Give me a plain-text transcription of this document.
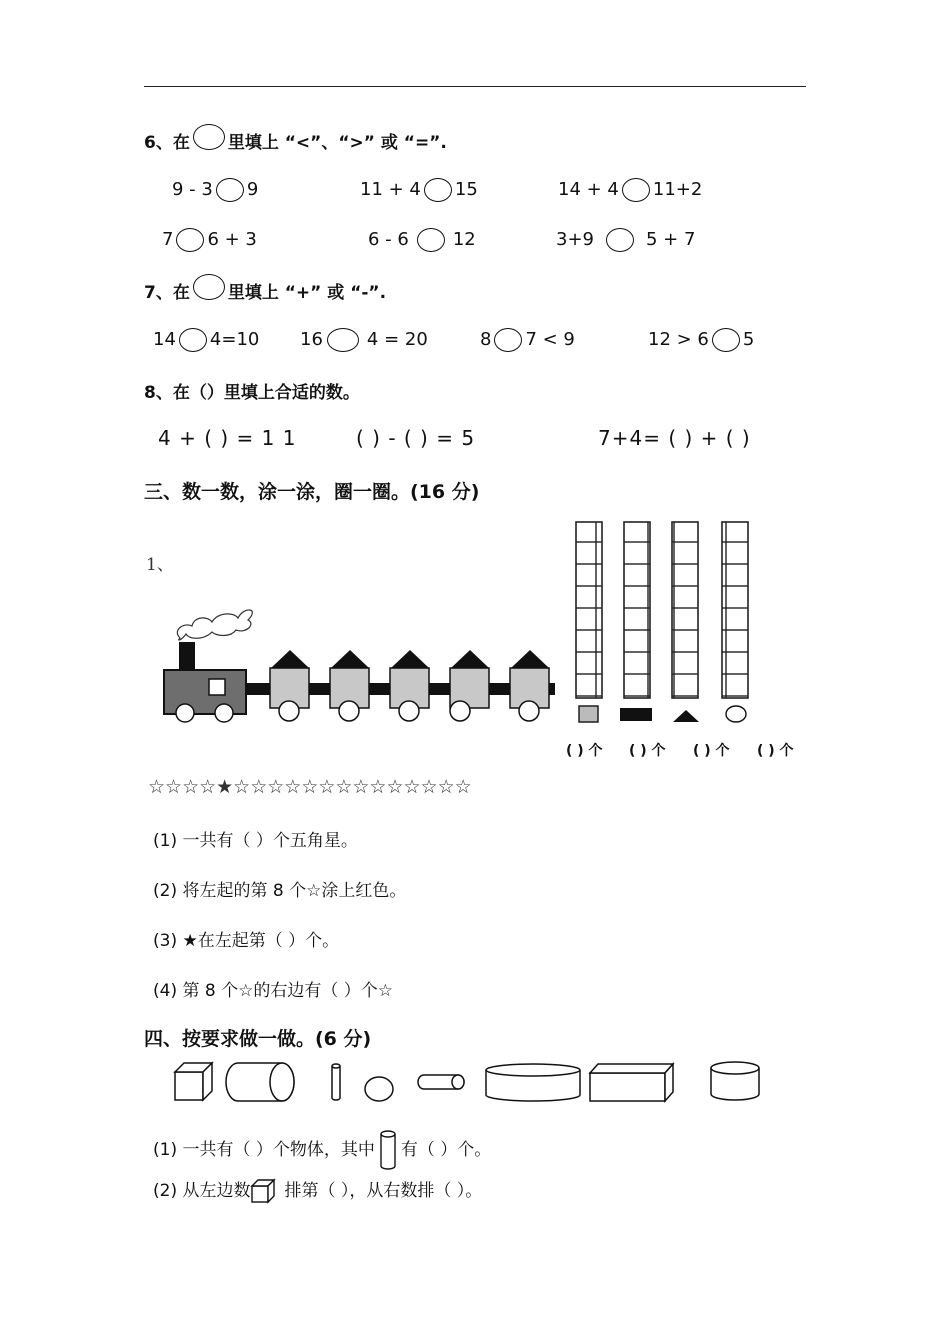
6、在 里填上 “<”、“>” 或 “=”.
9 - 3 9	11 + 4 15	14 + 4 11+2
7 6 + 3	6 - 6 12	3+9	5 + 7
7、在 里填上 “+” 或 “-”.
14 4=10 16 4 = 20	8 7 < 9	12 > 6 5
8、在（）里填上合适的数。
4 + ( ) = 1 1	( ) - ( ) = 5	7+4= ( ) + ( )
三、数一数，涂一涂，圈一圈。(16 分)
1、
( ) 个 ( ) 个 ( ) 个 ( ) 个
☆☆☆☆★☆☆☆☆☆☆☆☆☆☆☆☆☆☆
(1) 一共有（ ）个五角星。
(2) 将左起的第 8 个☆涂上红色。
(3) ★在左起第（ ）个。
(4) 第 8 个☆的右边有（ ）个☆
四、按要求做一做。(6 分)
(1) 一共有（ ）个物体，其中 有（ ）个。
(2) 从左边数 排第（ ），从右数排（ ）。
